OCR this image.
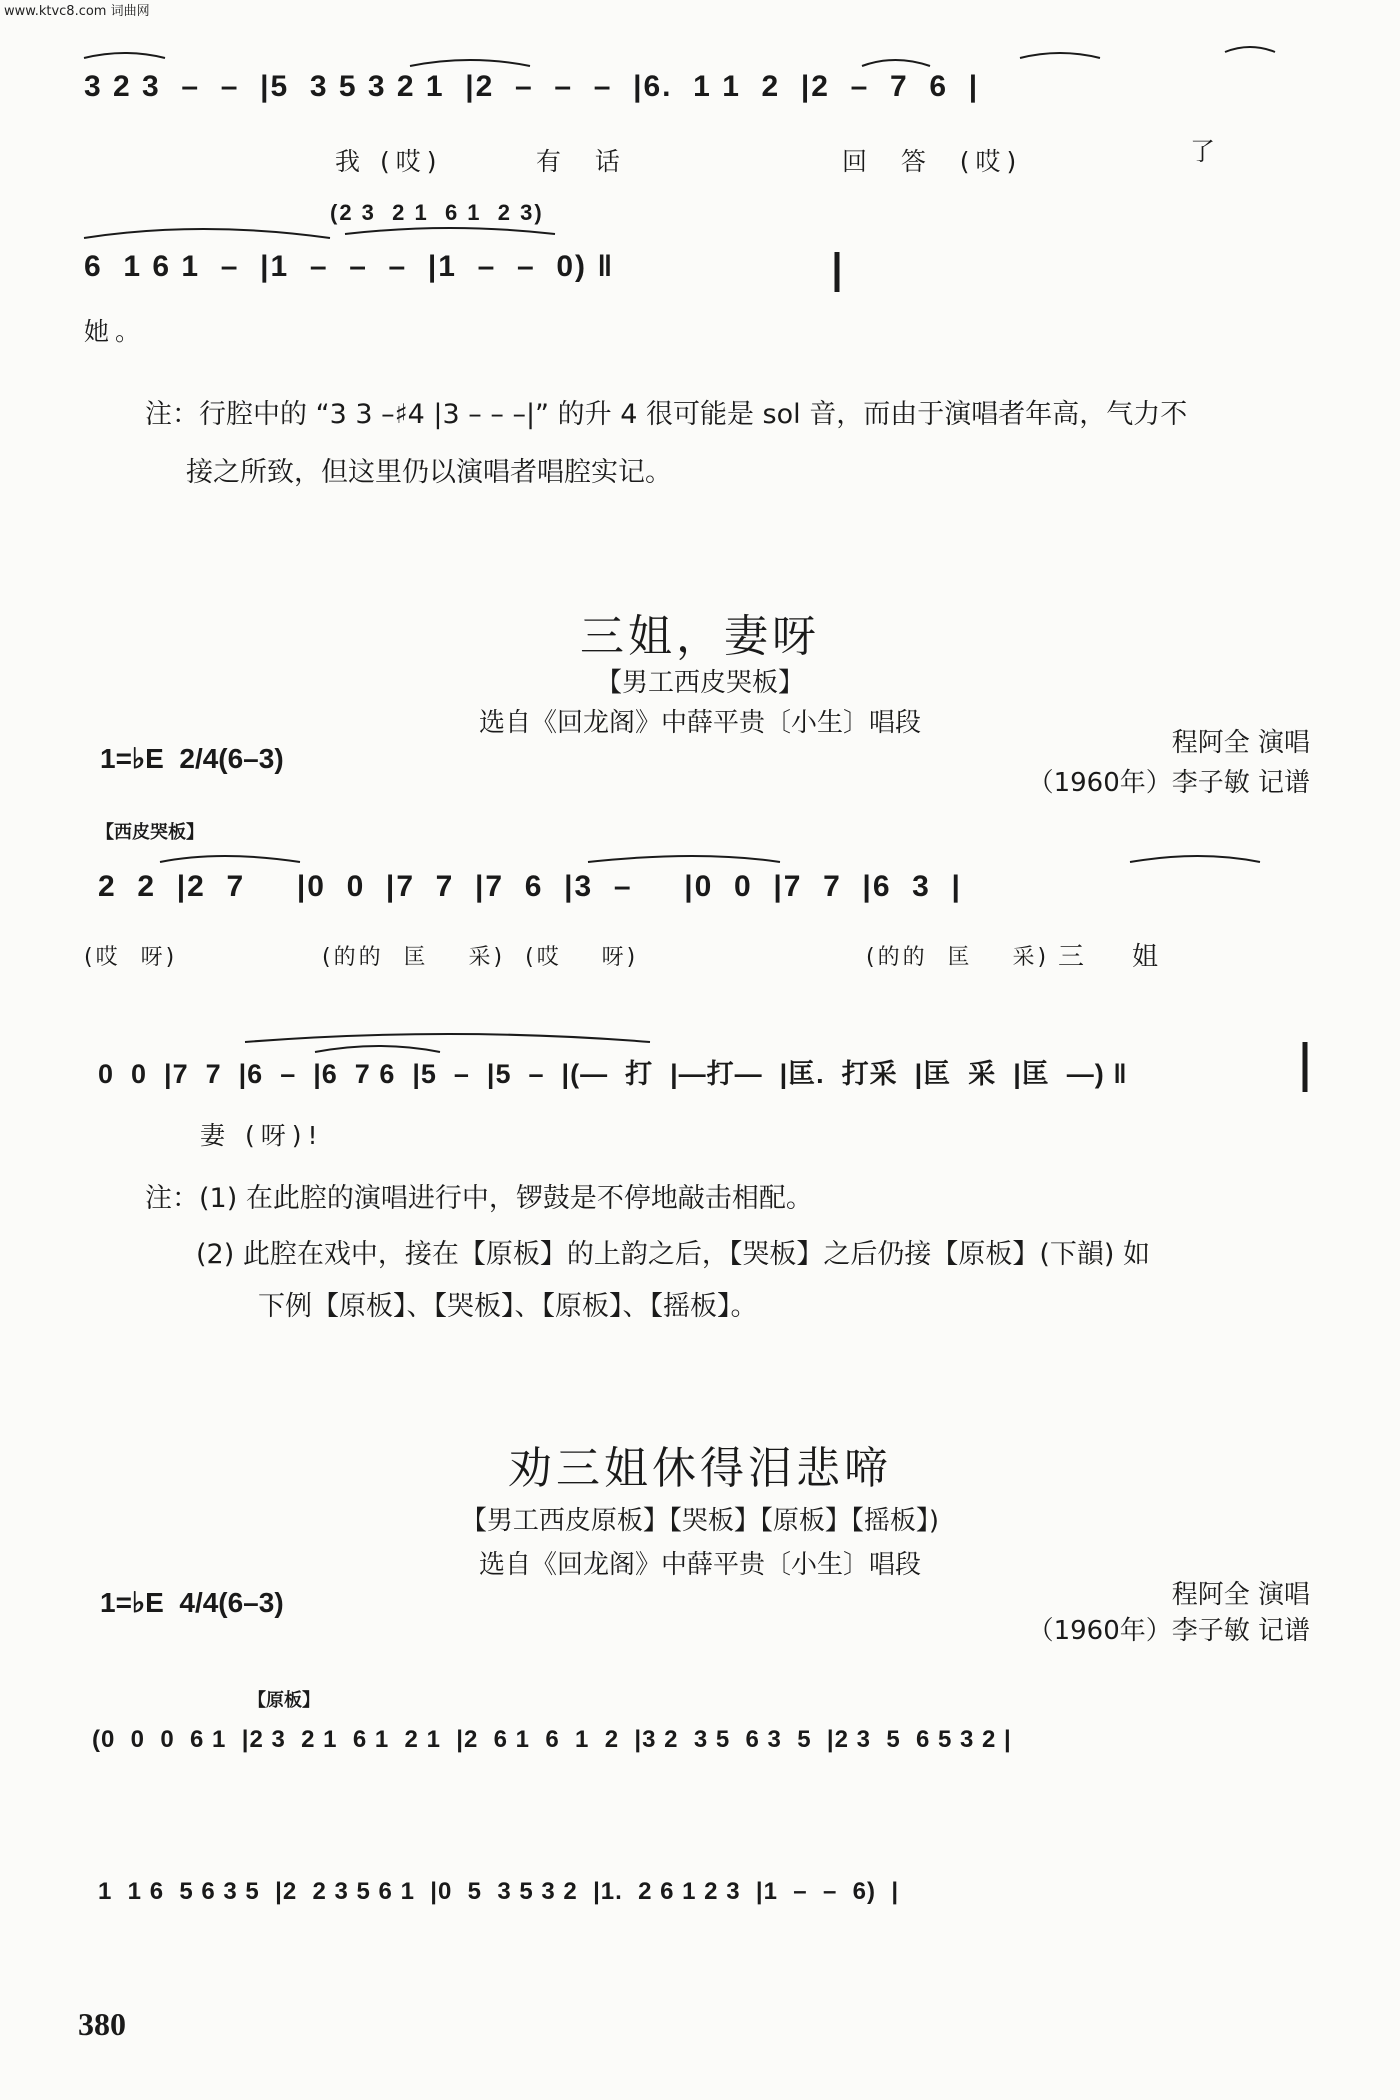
www.ktvc8.com 词曲网
3 2 3  –  –  |5  3 5 3 2 1  |2  –  –  –  |6.  1 1  2  |2  –  7  6  |
我 (哎)	有  话	回  答  (哎)	了
(2 3  2 1  6 1  2 3)
6  1 6 1  –  |1  –  –  –  |1  –  –  0) ‖
她。
注：行腔中的 “3 3 –♯4 |3 – – –|” 的升 4 很可能是 sol 音，而由于演唱者年高，气力不
接之所致，但这里仍以演唱者唱腔实记。
三姐，妻呀
【男工西皮哭板】
选自《回龙阁》中薛平贵〔小生〕唱段
1=♭E  2/4(6–3)	程阿全 演唱
（1960年）李子敏 记谱
【西皮哭板】
2  2  |2  7     |0  0  |7  7  |7  6  |3  –     |0  0  |7  7  |6  3  |
(哎  呀)	(的的  匡    采)  (哎    呀)	(的的  匡    采) 三    姐
0  0  |7  7  |6  –  |6  7 6  |5  –  |5  –  |(—  打  |—打—  |匡.  打采  |匡  采  |匡  —) ‖
妻 (呀)!
注：(1) 在此腔的演唱进行中，锣鼓是不停地敲击相配。
(2) 此腔在戏中，接在【原板】的上韵之后，【哭板】之后仍接【原板】(下韻) 如
下例【原板】、【哭板】、【原板】、【摇板】。
劝三姐休得泪悲啼
【男工西皮原板】【哭板】【原板】【摇板】)
选自《回龙阁》中薛平贵〔小生〕唱段
1=♭E  4/4(6–3)	程阿全 演唱
（1960年）李子敏 记谱
【原板】
(0  0  0  6 1  |2 3  2 1  6 1  2 1  |2  6 1  6  1  2  |3 2  3 5  6 3  5  |2 3  5  6 5 3 2 |
1  1 6  5 6 3 5  |2  2 3 5 6 1  |0  5  3 5 3 2  |1.  2 6 1 2 3  |1  –  –  6)  |
380
